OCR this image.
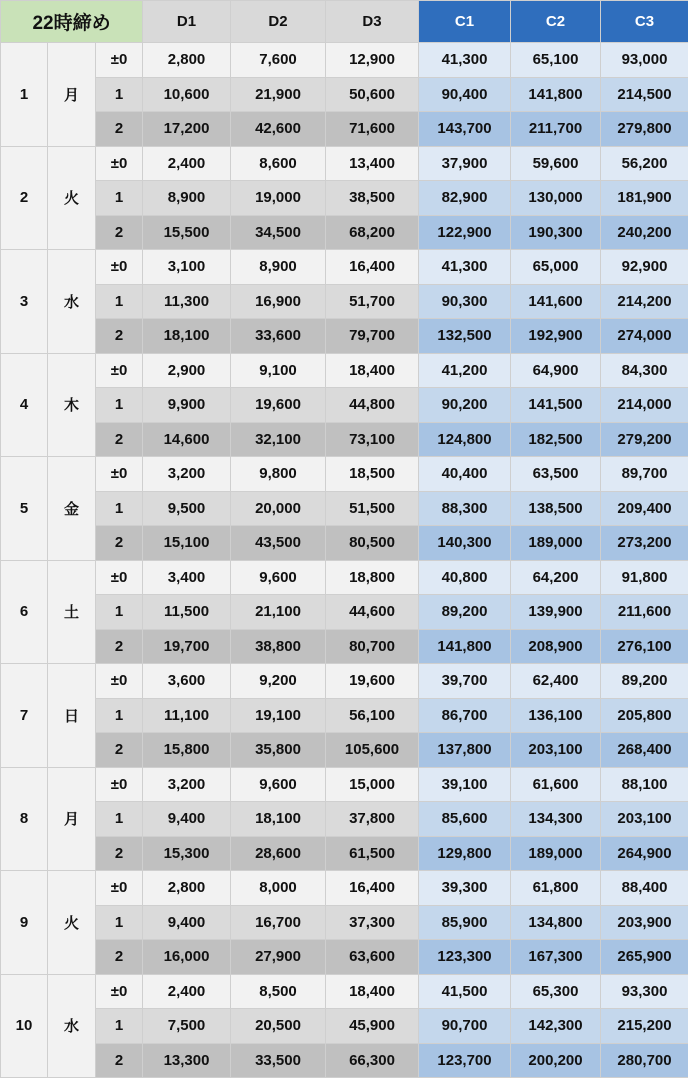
22時締め			D1	D2	D3	C1	C2	C3
1	月	±0	2,800	7,600	12,900	41,300	65,100	93,000
		1	10,600	21,900	50,600	90,400	141,800	214,500
		2	17,200	42,600	71,600	143,700	211,700	279,800
2	火	±0	2,400	8,600	13,400	37,900	59,600	56,200
		1	8,900	19,000	38,500	82,900	130,000	181,900
		2	15,500	34,500	68,200	122,900	190,300	240,200
3	水	±0	3,100	8,900	16,400	41,300	65,000	92,900
		1	11,300	16,900	51,700	90,300	141,600	214,200
		2	18,100	33,600	79,700	132,500	192,900	274,000
4	木	±0	2,900	9,100	18,400	41,200	64,900	84,300
		1	9,900	19,600	44,800	90,200	141,500	214,000
		2	14,600	32,100	73,100	124,800	182,500	279,200
5	金	±0	3,200	9,800	18,500	40,400	63,500	89,700
		1	9,500	20,000	51,500	88,300	138,500	209,400
		2	15,100	43,500	80,500	140,300	189,000	273,200
6	土	±0	3,400	9,600	18,800	40,800	64,200	91,800
		1	11,500	21,100	44,600	89,200	139,900	211,600
		2	19,700	38,800	80,700	141,800	208,900	276,100
7	日	±0	3,600	9,200	19,600	39,700	62,400	89,200
		1	11,100	19,100	56,100	86,700	136,100	205,800
		2	15,800	35,800	105,600	137,800	203,100	268,400
8	月	±0	3,200	9,600	15,000	39,100	61,600	88,100
		1	9,400	18,100	37,800	85,600	134,300	203,100
		2	15,300	28,600	61,500	129,800	189,000	264,900
9	火	±0	2,800	8,000	16,400	39,300	61,800	88,400
		1	9,400	16,700	37,300	85,900	134,800	203,900
		2	16,000	27,900	63,600	123,300	167,300	265,900
10	水	±0	2,400	8,500	18,400	41,500	65,300	93,300
		1	7,500	20,500	45,900	90,700	142,300	215,200
		2	13,300	33,500	66,300	123,700	200,200	280,700
